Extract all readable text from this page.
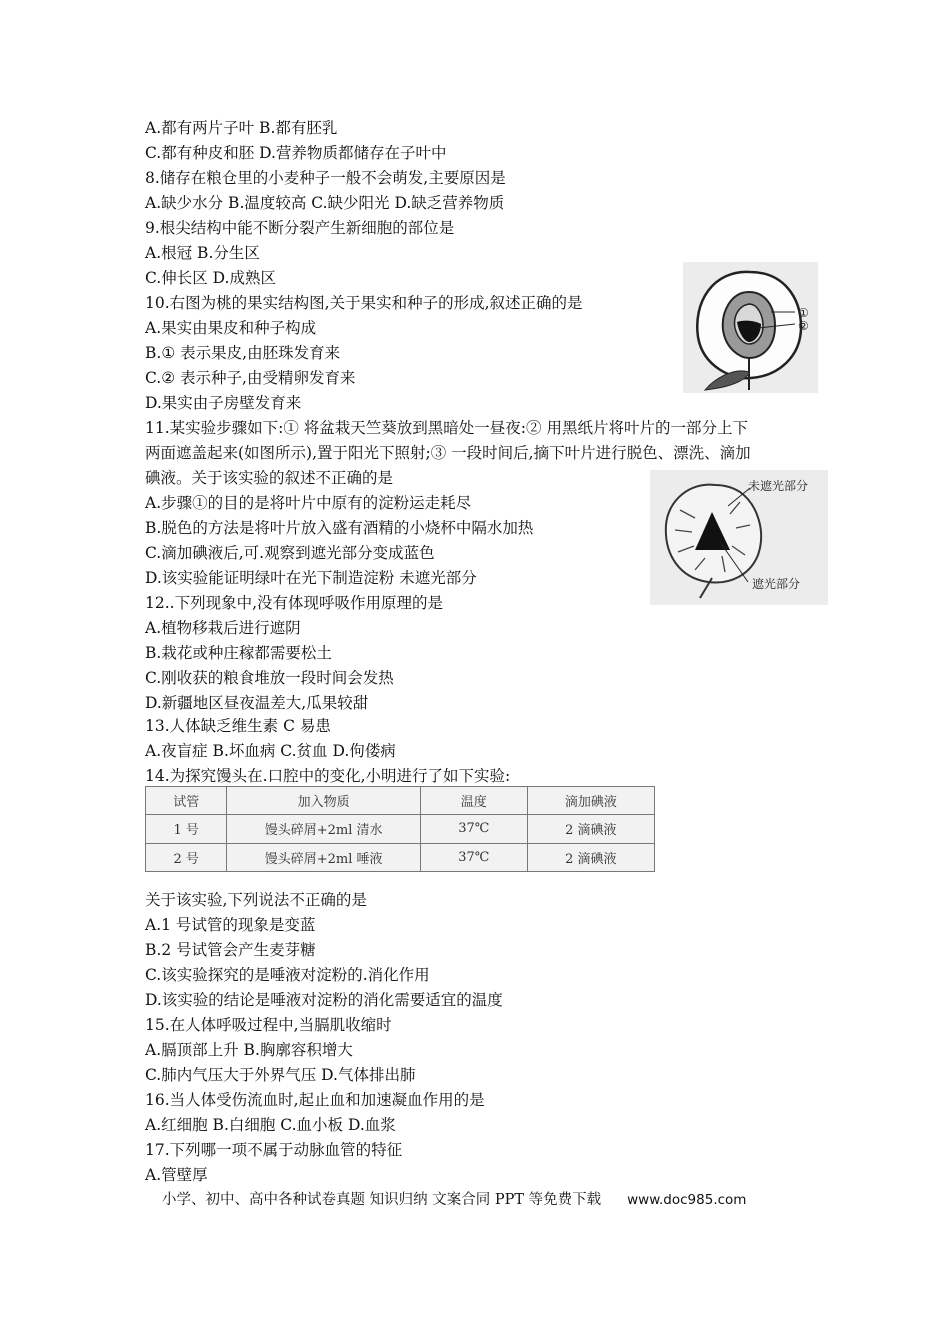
A.都有两片子叶 B.都有胚乳
C.都有种皮和胚 D.营养物质都储存在子叶中
8.储存在粮仓里的小麦种子一般不会萌发,主要原因是
A.缺少水分 B.温度较高 C.缺少阳光 D.缺乏营养物质
9.根尖结构中能不断分裂产生新细胞的部位是
A.根冠 B.分生区
C.伸长区 D.成熟区
10.右图为桃的果实结构图,关于果实和种子的形成,叙述正确的是
A.果实由果皮和种子构成
B.① 表示果皮,由胚珠发育来
C.② 表示种子,由受精卵发育来
D.果实由子房壁发育来
11.某实验步骤如下:① 将盆栽天竺葵放到黑暗处一昼夜:② 用黑纸片将叶片的一部分上下
两面遮盖起来(如图所示),置于阳光下照射;③ 一段时间后,摘下叶片进行脱色、漂洗、滴加
碘液。关于该实验的叙述不正确的是
A.步骤①的目的是将叶片中原有的淀粉运走耗尽
B.脱色的方法是将叶片放入盛有酒精的小烧杯中隔水加热
C.滴加碘液后,可.观察到遮光部分变成蓝色
D.该实验能证明绿叶在光下制造淀粉 未遮光部分
12..下列现象中,没有体现呼吸作用原理的是
A.植物移栽后进行遮阴
B.栽花或种庄稼都需要松土
C.刚收获的粮食堆放一段时间会发热
D.新疆地区昼夜温差大,瓜果较甜
13.人体缺乏维生素 C 易患
A.夜盲症 B.坏血病 C.贫血 D.佝偻病
14.为探究馒头在.口腔中的变化,小明进行了如下实验:
关于该实验,下列说法不正确的是
A.1 号试管的现象是变蓝
B.2 号试管会产生麦芽糖
C.该实验探究的是唾液对淀粉的.消化作用
D.该实验的结论是唾液对淀粉的消化需要适宜的温度
15.在人体呼吸过程中,当膈肌收缩时
A.膈顶部上升 B.胸廓容积增大
C.肺内气压大于外界气压 D.气体排出肺
16.当人体受伤流血时,起止血和加速凝血作用的是
A.红细胞 B.白细胞 C.血小板 D.血浆
17.下列哪一项不属于动脉血管的特征
A.管壁厚
①
②
未遮光部分
遮光部分
试管	加入物质	温度	滴加碘液
1 号	馒头碎屑+2ml 清水	37℃	2 滴碘液
2 号	馒头碎屑+2ml 唾液	37℃	2 滴碘液
小学、初中、高中各种试卷真题 知识归纳 文案合同 PPT 等免费下载 www.doc985.com
